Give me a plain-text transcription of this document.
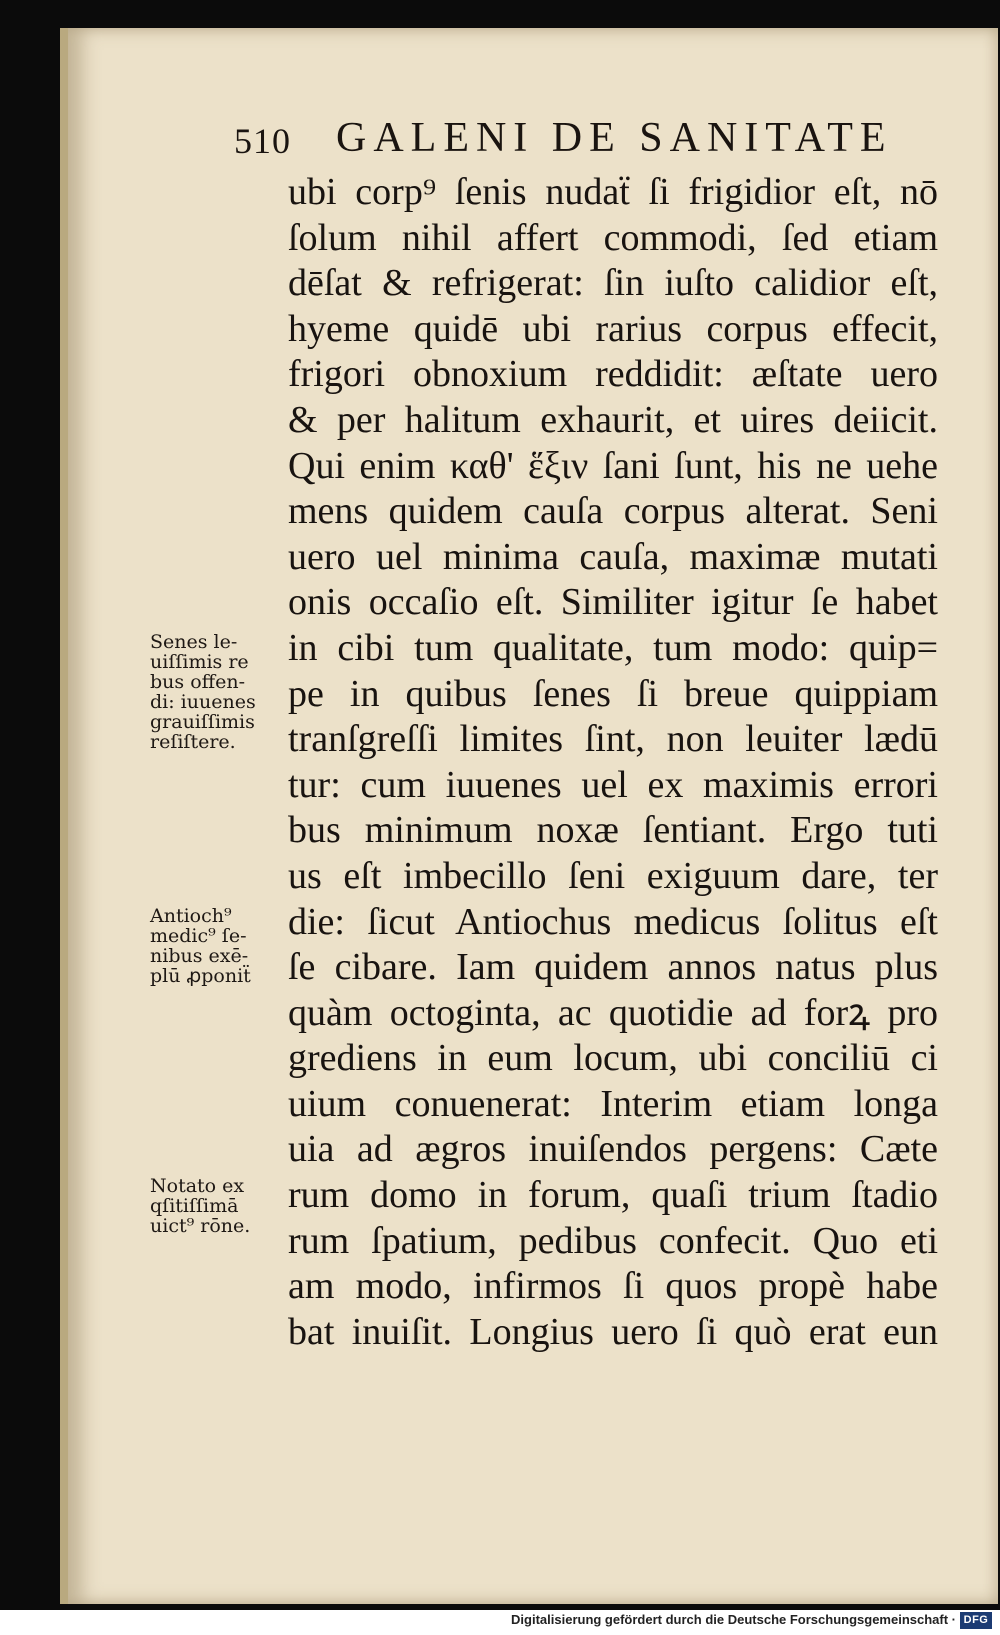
510 GALENI DE SANITATE
ubi corp⁹ ſenis nudaẗ ſi frigidior eſt, nō
ſolum nihil affert commodi, ſed etiam
dēſat & refrigerat: ſin iuſto calidior eſt,
hyeme quidē ubi rarius corpus effecit,
frigori obnoxium reddidit: æſtate uero
& per halitum exhaurit, et uires deiicit.
Qui enim καθ' ἕξιν ſani ſunt, his ne uehe
mens quidem cauſa corpus alterat. Seni
uero uel minima cauſa, maximæ mutati
onis occaſio eſt. Similiter igitur ſe habet
in cibi tum qualitate, tum modo: quip=
pe in quibus ſenes ſi breue quippiam
tranſgreſſi limites ſint, non leuiter lædū
tur: cum iuuenes uel ex maximis errori
bus minimum noxæ ſentiant. Ergo tuti
us eſt imbecillo ſeni exiguum dare, ter
die: ſicut Antiochus medicus ſolitus eſt
ſe cibare. Iam quidem annos natus plus
quàm octoginta, ac quotidie ad forꝝ pro
grediens in eum locum, ubi conciliū ci
uium conuenerat: Interim etiam longa
uia ad ægros inuiſendos pergens: Cæte
rum domo in forum, quaſi trium ſtadio
rum ſpatium, pedibus confecit. Quo eti
am modo, infirmos ſi quos propè habe
bat inuiſit. Longius uero ſi quò erat eun
Senes le-
uiſſimis re
bus offen-
di: iuuenes
grauiſſimis
reſiſtere.
Antioch⁹
medic⁹ ſe-
nibus exē-
plū ꝓponiẗ
Notato ex
qſitiſſimā
uict⁹ rōne.
Digitalisierung gefördert durch die Deutsche Forschungsgemeinschaft · DFG
